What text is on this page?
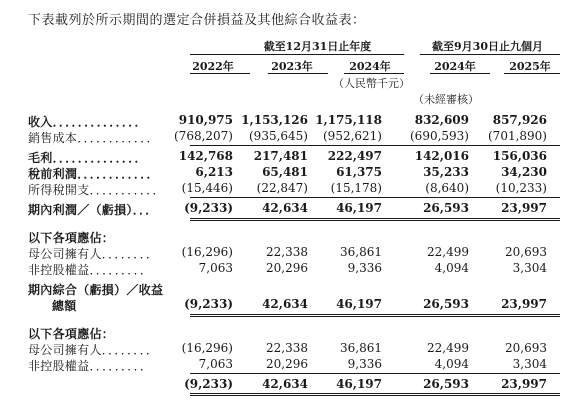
下表載列於所示期間的選定合併損益及其他綜合收益表：
截至12月31日止年度	截至9月30日止九個月
2022年	2023年	2024年	2024年	2025年
（人民幣千元）
（未經審核）
收入．．．．．．．．．．．．．．	910,975 1,153,126 1,175,118	832,609 857,926
銷售成本．．．．．．．．．．．． (768,207) (935,645) (952,621) (690,593) (701,890)
毛利．．．．．．．．．．．．．．	142,768 217,481 222,497	142,016 156,036
稅前利潤．．．．．．．．．．．．	6,213 65,481 61,375	35,233	34,230
所得稅開支．．．．．．．．．．． (15,446) (22,847) (15,178)	(8,640) (10,233)
期內利潤／（虧損）．．． (9,233) 42,634 46,197	26,593	23,997
以下各項應佔：
母公司擁有人．．．．．．．． (16,296)	22,338	36,861	22,499	20,693
非控股權益．．．．．．．．．	7,063	20,296	9,336	4,094	3,304
期內綜合（虧損）／收益
總額	(9,233) 42,634 46,197	26,593	23,997
以下各項應佔：
母公司擁有人．．．．．．．． (16,296)	22,338	36,861	22,499	20,693
非控股權益．．．．．．．．．	7,063	20,296	9,336	4,094	3,304
(9,233) 42,634 46,197	26,593	23,997
